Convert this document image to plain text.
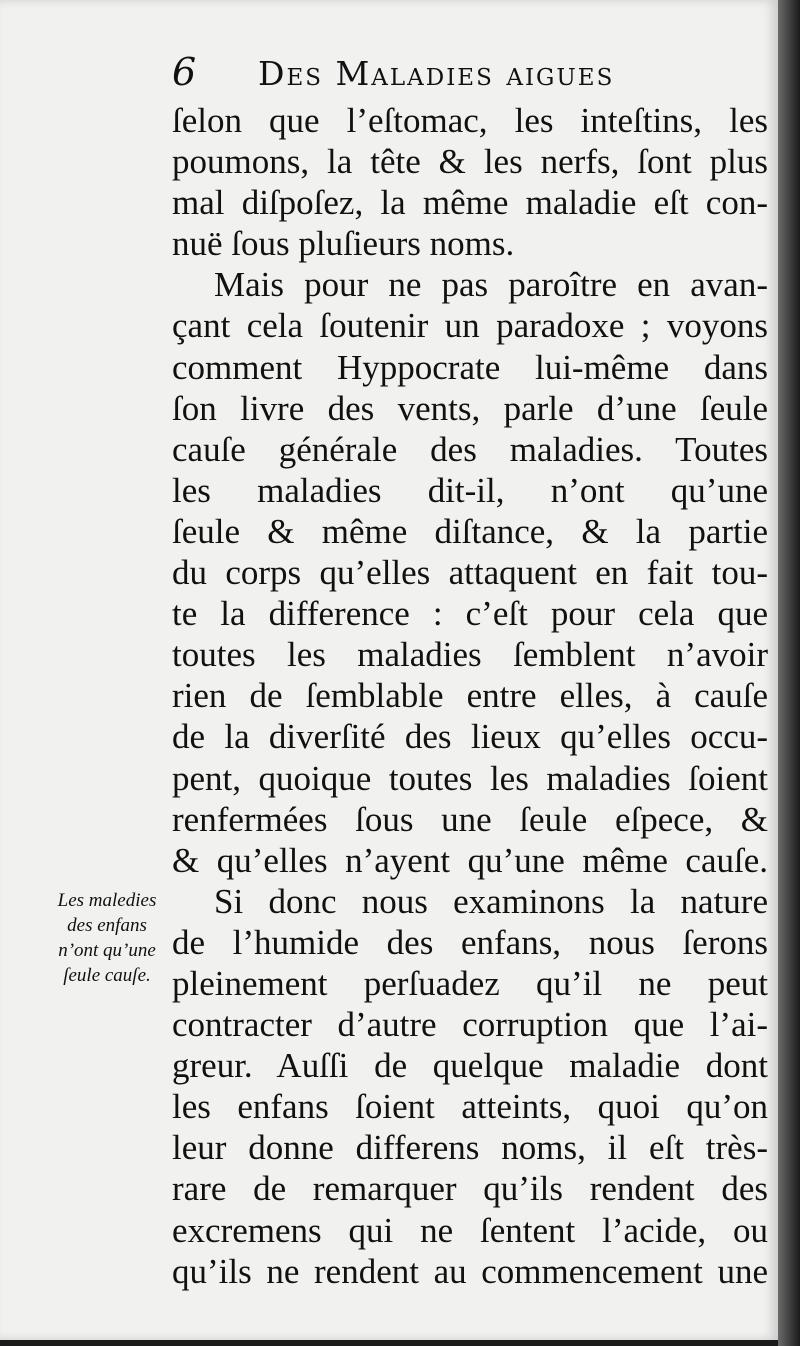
6 Des Maladies aigues
ſelon que l’eſtomac, les inteſtins, les
poumons, la tête & les nerfs, ſont plus
mal diſpoſez, la même maladie eſt con-
nuë ſous pluſieurs noms.
Mais pour ne pas paroître en avan-
çant cela ſoutenir un paradoxe ; voyons
comment Hyppocrate lui-même dans
ſon livre des vents, parle d’une ſeule
cauſe générale des maladies. Toutes
les maladies dit-il, n’ont qu’une
ſeule & même diſtance, & la partie
du corps qu’elles attaquent en fait tou-
te la difference : c’eſt pour cela que
toutes les maladies ſemblent n’avoir
rien de ſemblable entre elles, à cauſe
de la diverſité des lieux qu’elles occu-
pent, quoique toutes les maladies ſoient
renfermées ſous une ſeule eſpece, &
& qu’elles n’ayent qu’une même cauſe.
Si donc nous examinons la nature
de l’humide des enfans, nous ſerons
pleinement perſuadez qu’il ne peut
contracter d’autre corruption que l’ai-
greur. Auſſi de quelque maladie dont
les enfans ſoient atteints, quoi qu’on
leur donne differens noms, il eſt très-
rare de remarquer qu’ils rendent des
excremens qui ne ſentent l’acide, ou
qu’ils ne rendent au commencement une
Les maledies
des enfans
n’ont qu’une
ſeule cauſe.
